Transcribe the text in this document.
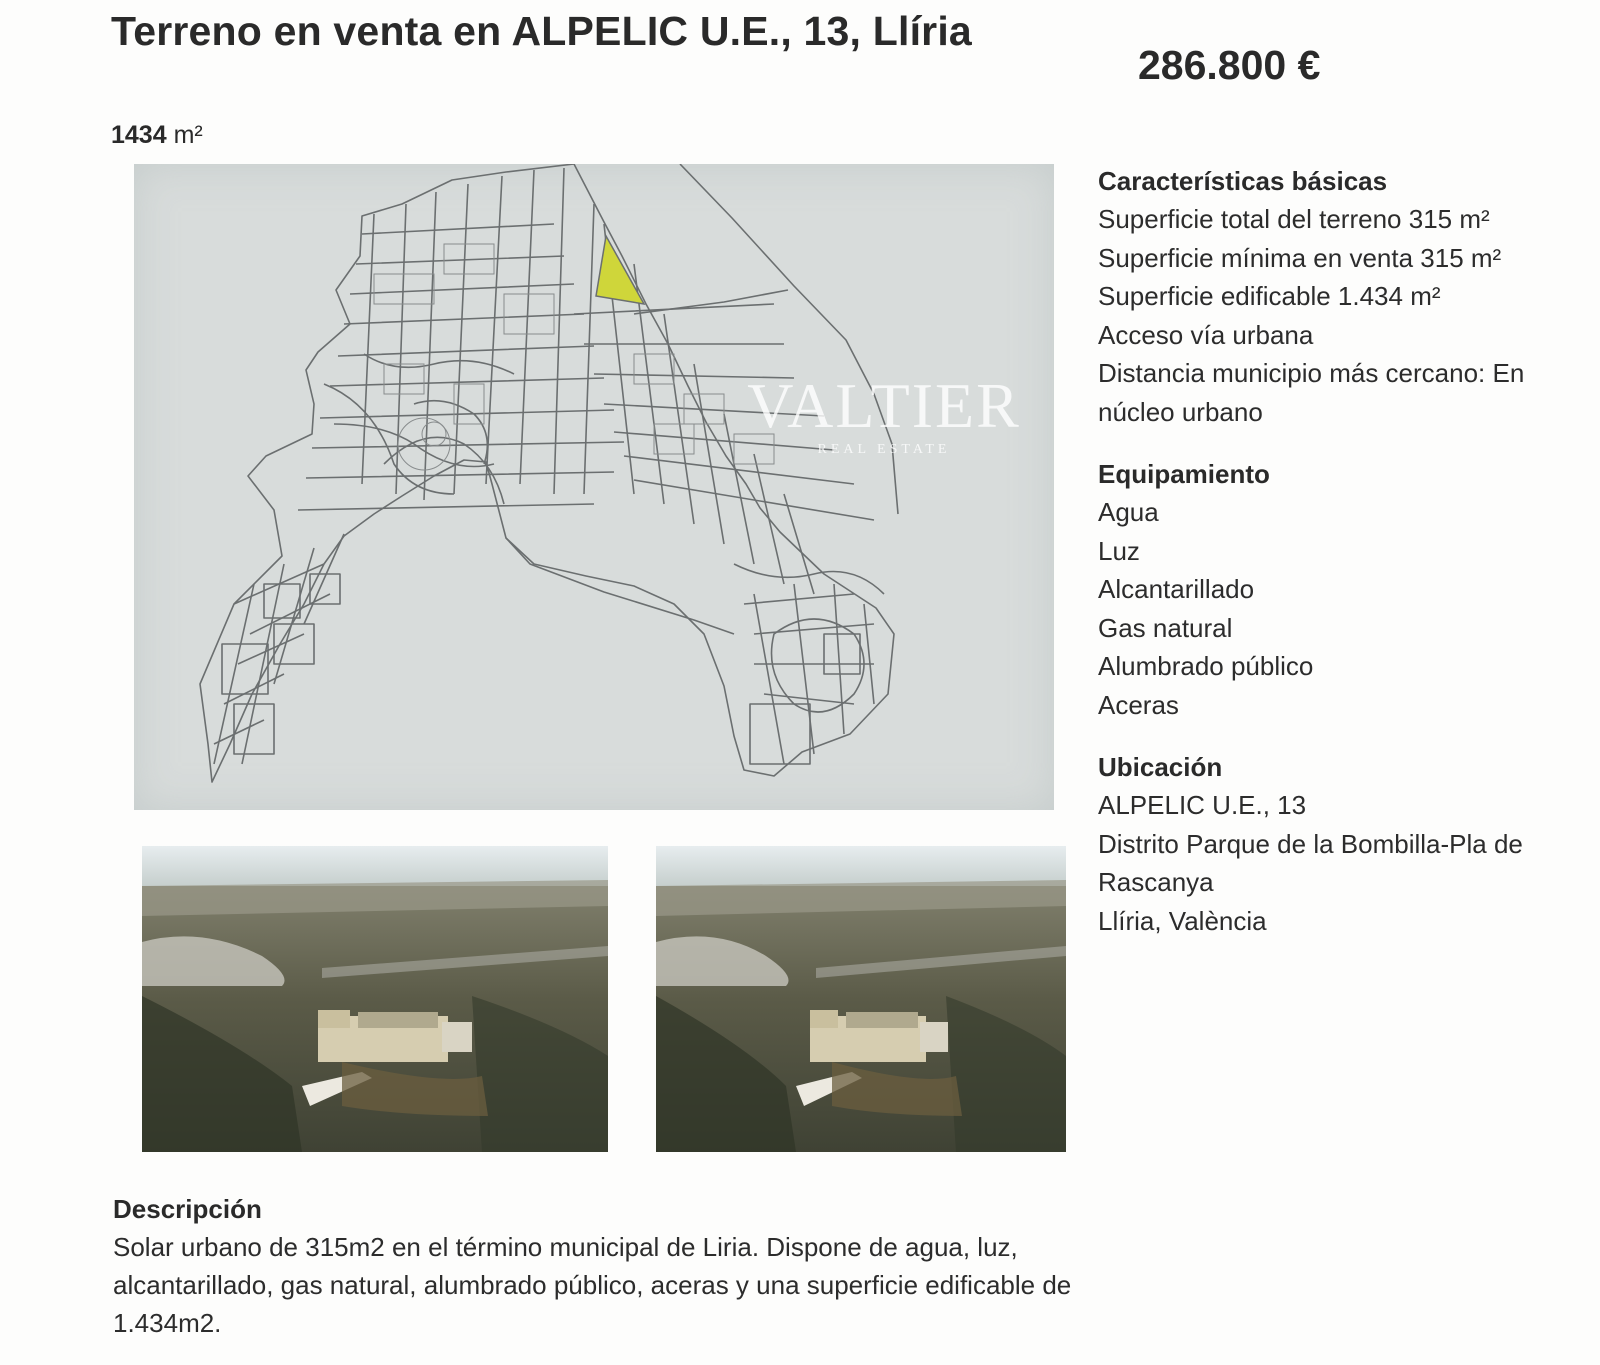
Terreno en venta en ALPELIC U.E., 13, Llíria
286.800 €
1434 m²
VALTIER
REAL ESTATE
Características básicas
Superficie total del terreno 315 m²
Superficie mínima en venta 315 m²
Superficie edificable 1.434 m²
Acceso vía urbana
Distancia municipio más cercano: En núcleo urbano
Equipamiento
Agua
Luz
Alcantarillado
Gas natural
Alumbrado público
Aceras
Ubicación
ALPELIC U.E., 13
Distrito Parque de la Bombilla-Pla de Rascanya
Llíria, València
Descripción

Solar urbano de 315m2 en el término municipal de Liria. Dispone de agua, luz, alcantarillado, gas natural, alumbrado público, aceras y una superficie edificable de 1.434m2.
